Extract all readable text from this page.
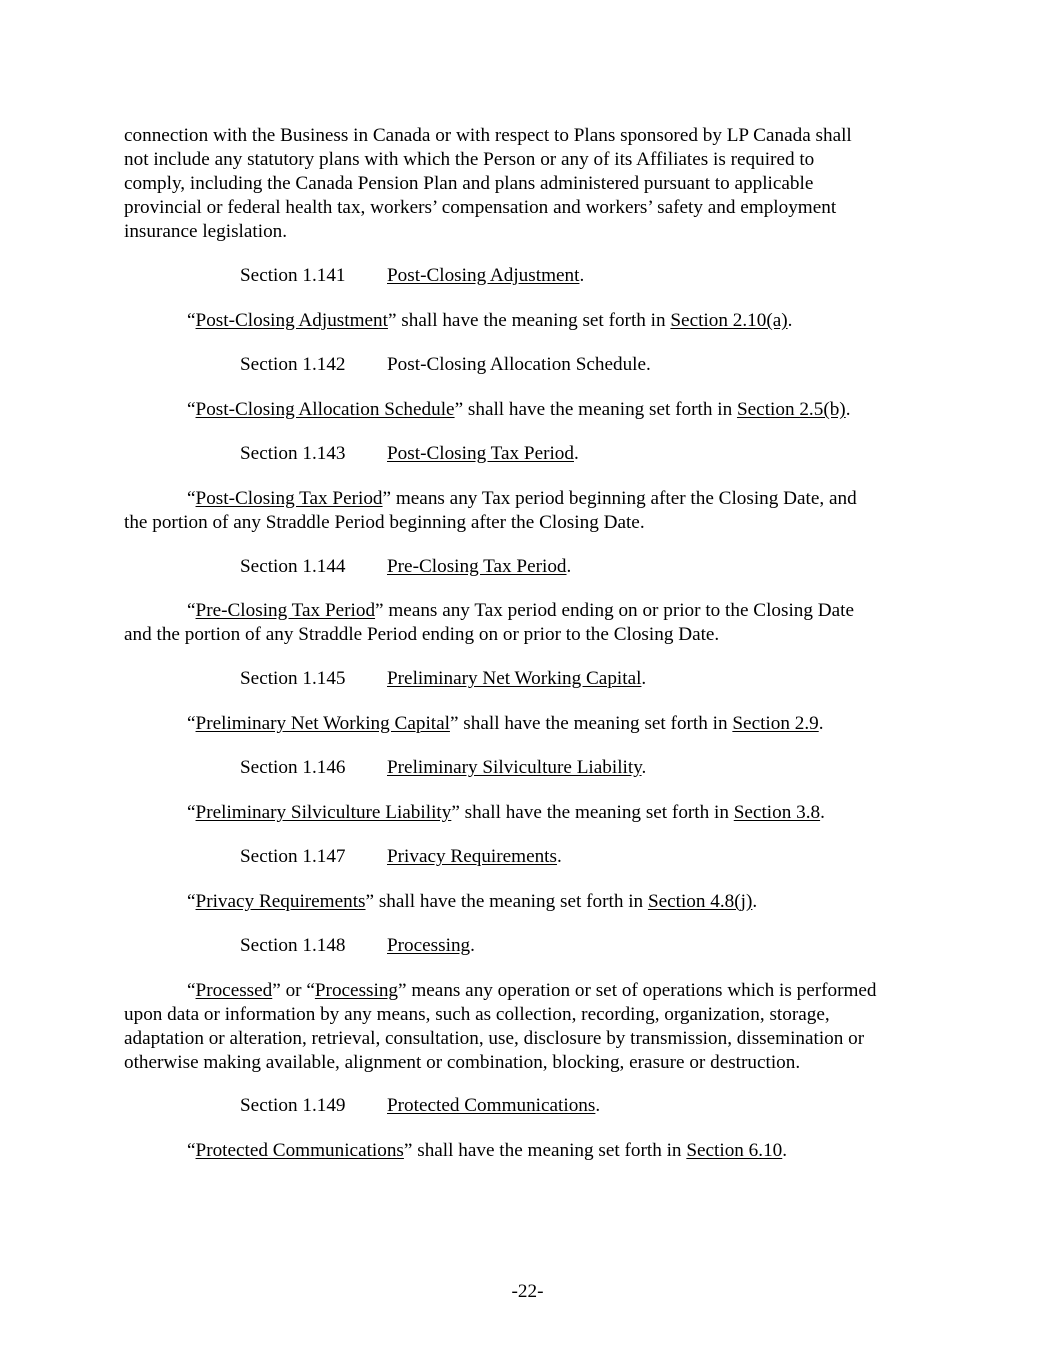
connection with the Business in Canada or with respect to Plans sponsored by LP Canada shall
not include any statutory plans with which the Person or any of its Affiliates is required to
comply, including the Canada Pension Plan and plans administered pursuant to applicable
provincial or federal health tax, workers’ compensation and workers’ safety and employment
insurance legislation.
Section 1.141 Post-Closing Adjustment.
“Post-Closing Adjustment” shall have the meaning set forth in Section 2.10(a).
Section 1.142 Post-Closing Allocation Schedule.
“Post-Closing Allocation Schedule” shall have the meaning set forth in Section 2.5(b).
Section 1.143 Post-Closing Tax Period.
“Post-Closing Tax Period” means any Tax period beginning after the Closing Date, and
the portion of any Straddle Period beginning after the Closing Date.
Section 1.144 Pre-Closing Tax Period.
“Pre-Closing Tax Period” means any Tax period ending on or prior to the Closing Date
and the portion of any Straddle Period ending on or prior to the Closing Date.
Section 1.145 Preliminary Net Working Capital.
“Preliminary Net Working Capital” shall have the meaning set forth in Section 2.9.
Section 1.146 Preliminary Silviculture Liability.
“Preliminary Silviculture Liability” shall have the meaning set forth in Section 3.8.
Section 1.147 Privacy Requirements.
“Privacy Requirements” shall have the meaning set forth in Section 4.8(j).
Section 1.148 Processing.
“Processed” or “Processing” means any operation or set of operations which is performed
upon data or information by any means, such as collection, recording, organization, storage,
adaptation or alteration, retrieval, consultation, use, disclosure by transmission, dissemination or
otherwise making available, alignment or combination, blocking, erasure or destruction.
Section 1.149 Protected Communications.
“Protected Communications” shall have the meaning set forth in Section 6.10.
-22-
